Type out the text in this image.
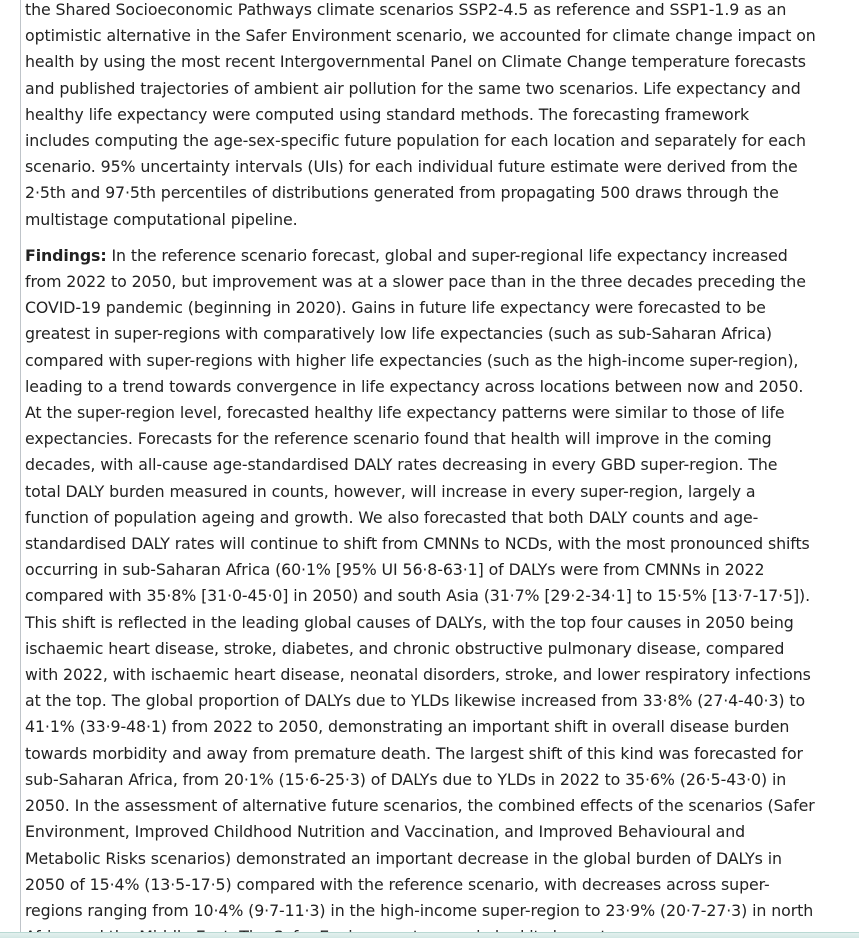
the Shared Socioeconomic Pathways climate scenarios SSP2-4.5 as reference and SSP1-1.9 as an optimistic alternative in the Safer Environment scenario, we accounted for climate change impact on health by using the most recent Intergovernmental Panel on Climate Change temperature forecasts and published trajectories of ambient air pollution for the same two scenarios. Life expectancy and healthy life expectancy were computed using standard methods. The forecasting framework includes computing the age-sex-specific future population for each location and separately for each scenario. 95% uncertainty intervals (UIs) for each individual future estimate were derived from the 2·5th and 97·5th percentiles of distributions generated from propagating 500 draws through the multistage computational pipeline.

Findings: In the reference scenario forecast, global and super-regional life expectancy increased from 2022 to 2050, but improvement was at a slower pace than in the three decades preceding the COVID-19 pandemic (beginning in 2020). Gains in future life expectancy were forecasted to be greatest in super-regions with comparatively low life expectancies (such as sub-Saharan Africa) compared with super-regions with higher life expectancies (such as the high-income super-region), leading to a trend towards convergence in life expectancy across locations between now and 2050. At the super-region level, forecasted healthy life expectancy patterns were similar to those of life expectancies. Forecasts for the reference scenario found that health will improve in the coming decades, with all-cause age-standardised DALY rates decreasing in every GBD super-region. The total DALY burden measured in counts, however, will increase in every super-region, largely a function of population ageing and growth. We also forecasted that both DALY counts and age-standardised DALY rates will continue to shift from CMNNs to NCDs, with the most pronounced shifts occurring in sub-Saharan Africa (60·1% [95% UI 56·8-63·1] of DALYs were from CMNNs in 2022 compared with 35·8% [31·0-45·0] in 2050) and south Asia (31·7% [29·2-34·1] to 15·5% [13·7-17·5]). This shift is reflected in the leading global causes of DALYs, with the top four causes in 2050 being ischaemic heart disease, stroke, diabetes, and chronic obstructive pulmonary disease, compared with 2022, with ischaemic heart disease, neonatal disorders, stroke, and lower respiratory infections at the top. The global proportion of DALYs due to YLDs likewise increased from 33·8% (27·4-40·3) to 41·1% (33·9-48·1) from 2022 to 2050, demonstrating an important shift in overall disease burden towards morbidity and away from premature death. The largest shift of this kind was forecasted for sub-Saharan Africa, from 20·1% (15·6-25·3) of DALYs due to YLDs in 2022 to 35·6% (26·5-43·0) in 2050. In the assessment of alternative future scenarios, the combined effects of the scenarios (Safer Environment, Improved Childhood Nutrition and Vaccination, and Improved Behavioural and Metabolic Risks scenarios) demonstrated an important decrease in the global burden of DALYs in 2050 of 15·4% (13·5-17·5) compared with the reference scenario, with decreases across super-regions ranging from 10·4% (9·7-11·3) in the high-income super-region to 23·9% (20·7-27·3) in north
